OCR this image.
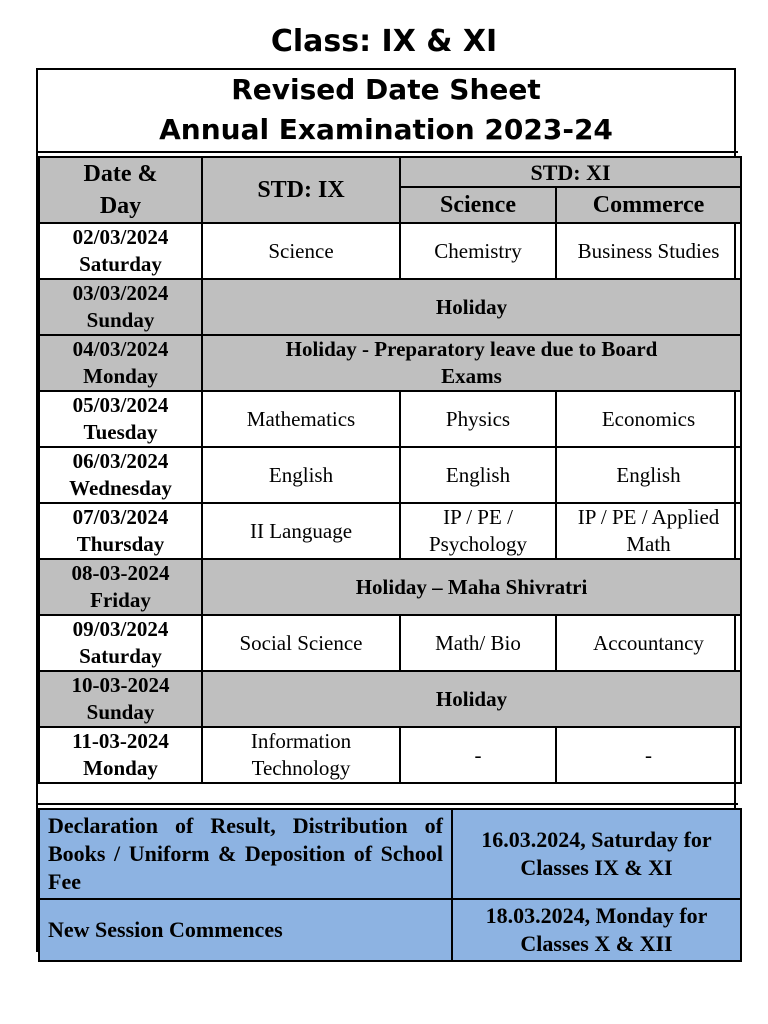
Class: IX & XI
Revised Date Sheet
Annual Examination 2023-24
Date &
Day	STD: IX	STD: XI	
		Science	Commerce

02/03/2024
Saturday	Science	Chemistry	Business Studies

03/03/2024
Sunday	Holiday		

04/03/2024
Monday	Holiday - Preparatory leave due to Board Exams		

05/03/2024
Tuesday	Mathematics	Physics	Economics

06/03/2024
Wednesday	English	English	English

07/03/2024
Thursday	II Language	IP / PE / Psychology	IP / PE / Applied Math

08-03-2024
Friday	Holiday – Maha Shivratri		

09/03/2024
Saturday	Social Science	Math/ Bio	Accountancy

10-03-2024
Sunday	Holiday		

11-03-2024
Monday	Information Technology	-	-
Declaration of Result, Distribution of Books / Uniform & Deposition of School Fee	16.03.2024, Saturday for Classes IX & XI
New Session Commences	18.03.2024, Monday for Classes X & XII
